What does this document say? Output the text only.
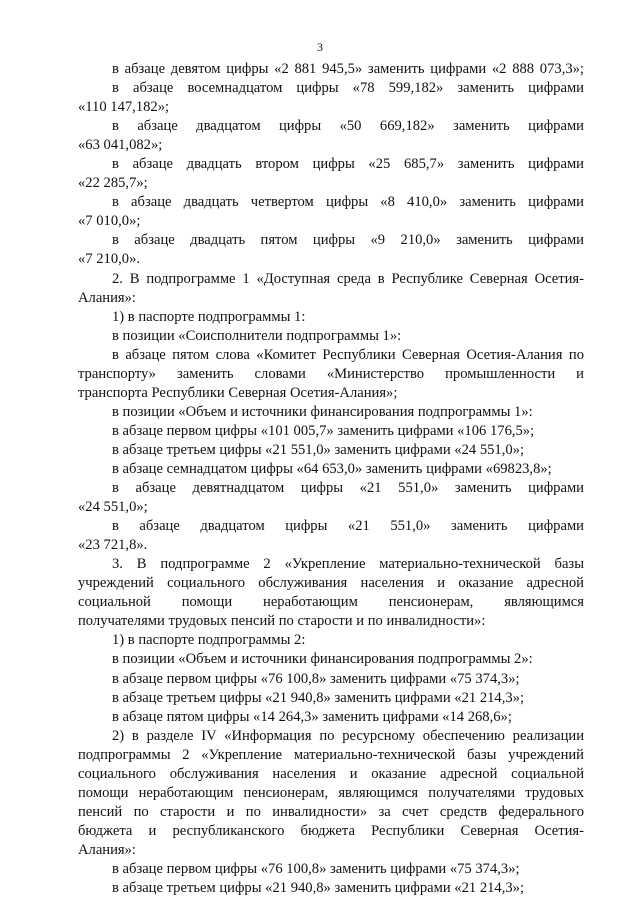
3

в абзаце девятом цифры «2 881 945,5» заменить цифрами «2 888 073,3»;

в абзаце восемнадцатом цифры «78 599,182» заменить цифрами

«110 147,182»;

в абзаце двадцатом цифры «50 669,182» заменить цифрами

«63 041,082»;

в абзаце двадцать втором цифры «25 685,7» заменить цифрами

«22 285,7»;

в абзаце двадцать четвертом цифры «8 410,0» заменить цифрами

«7 010,0»;

в абзаце двадцать пятом цифры «9 210,0» заменить цифрами

«7 210,0».

2. В подпрограмме 1 «Доступная среда в Республике Северная Осетия-

Алания»:

1) в паспорте подпрограммы 1:

в позиции «Соисполнители подпрограммы 1»:

в абзаце пятом слова «Комитет Республики Северная Осетия-Алания по

транспорту» заменить словами «Министерство промышленности и

транспорта Республики Северная Осетия-Алания»;

в позиции «Объем и источники финансирования подпрограммы 1»:

в абзаце первом цифры «101 005,7» заменить цифрами «106 176,5»;

в абзаце третьем цифры «21 551,0» заменить цифрами «24 551,0»;

в абзаце семнадцатом цифры «64 653,0» заменить цифрами «69823,8»;

в абзаце девятнадцатом цифры «21 551,0» заменить цифрами

«24 551,0»;

в абзаце двадцатом цифры «21 551,0» заменить цифрами

«23 721,8».

3. В подпрограмме 2 «Укрепление материально-технической базы

учреждений социального обслуживания населения и оказание адресной

социальной помощи неработающим пенсионерам, являющимся

получателями трудовых пенсий по старости и по инвалидности»:

1) в паспорте подпрограммы 2:

в позиции «Объем и источники финансирования подпрограммы 2»:

в абзаце первом цифры «76 100,8» заменить цифрами «75 374,3»;

в абзаце третьем цифры «21 940,8» заменить цифрами «21 214,3»;

в абзаце пятом цифры «14 264,3» заменить цифрами «14 268,6»;

2) в разделе IV «Информация по ресурсному обеспечению реализации

подпрограммы 2 «Укрепление материально-технической базы учреждений

социального обслуживания населения и оказание адресной социальной

помощи неработающим пенсионерам, являющимся получателями трудовых

пенсий по старости и по инвалидности» за счет средств федерального

бюджета и республиканского бюджета Республики Северная Осетия-

Алания»:

в абзаце первом цифры «76 100,8» заменить цифрами «75 374,3»;

в абзаце третьем цифры «21 940,8» заменить цифрами «21 214,3»;
